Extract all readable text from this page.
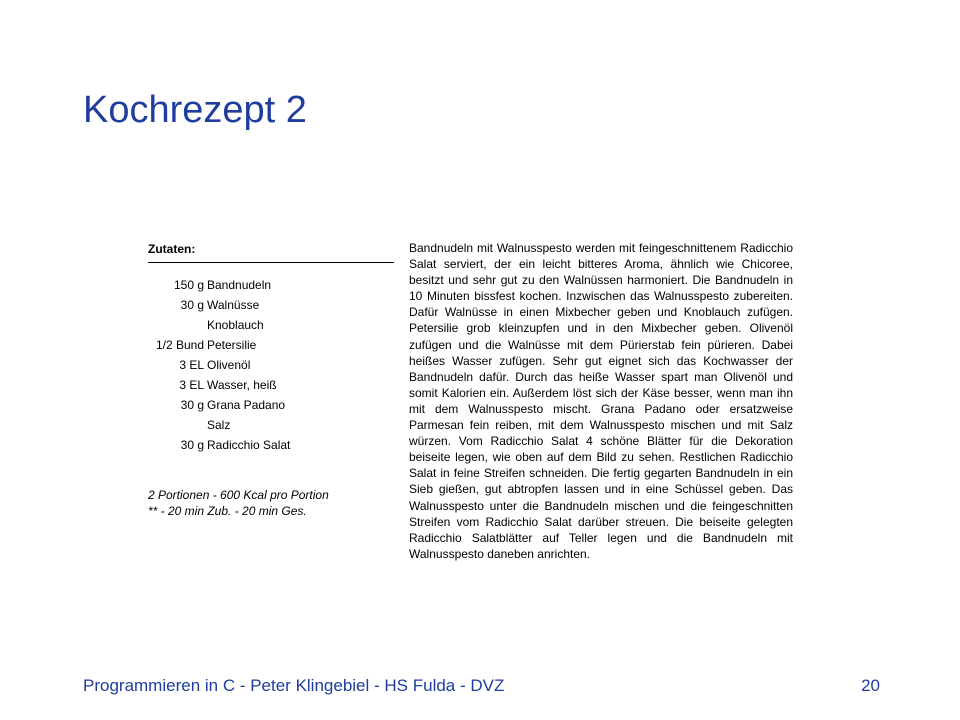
Kochrezept 2
Zutaten:
150 g Bandnudeln
30 g Walnüsse
Knoblauch
1/2 Bund Petersilie
3 EL Olivenöl
3 EL Wasser, heiß
30 g Grana Padano
Salz
30 g Radicchio Salat
2 Portionen - 600 Kcal pro Portion
** - 20 min Zub. - 20 min Ges.

Bandnudeln mit Walnusspesto werden mit feingeschnittenem Radicchio Salat serviert, der ein leicht bitteres Aroma, ähnlich wie Chicoree, besitzt und sehr gut zu den Walnüssen harmoniert. Die Bandnudeln in 10 Minuten bissfest kochen. Inzwischen das Walnusspesto zubereiten. Dafür Walnüsse in einen Mixbecher geben und Knoblauch zufügen. Petersilie grob kleinzupfen und in den Mixbecher geben. Olivenöl zufügen und die Walnüsse mit dem Pürierstab fein pürieren. Dabei heißes Wasser zufügen. Sehr gut eignet sich das Kochwasser der Bandnudeln dafür. Durch das heiße Wasser spart man Olivenöl und somit Kalorien ein. Außerdem löst sich der Käse besser, wenn man ihn mit dem Walnusspesto mischt. Grana Padano oder ersatzweise Parmesan fein reiben, mit dem Walnusspesto mischen und mit Salz würzen. Vom Radicchio Salat 4 schöne Blätter für die Dekoration beiseite legen, wie oben auf dem Bild zu sehen. Restlichen Radicchio Salat in feine Streifen schneiden. Die fertig gegarten Bandnudeln in ein Sieb gießen, gut abtropfen lassen und in eine Schüssel geben. Das Walnusspesto unter die Bandnudeln mischen und die feingeschnitten Streifen vom Radicchio Salat darüber streuen. Die beiseite gelegten Radicchio Salatblätter auf Teller legen und die Bandnudeln mit Walnusspesto daneben anrichten.

Programmieren in C - Peter Klingebiel - HS Fulda - DVZ	20
